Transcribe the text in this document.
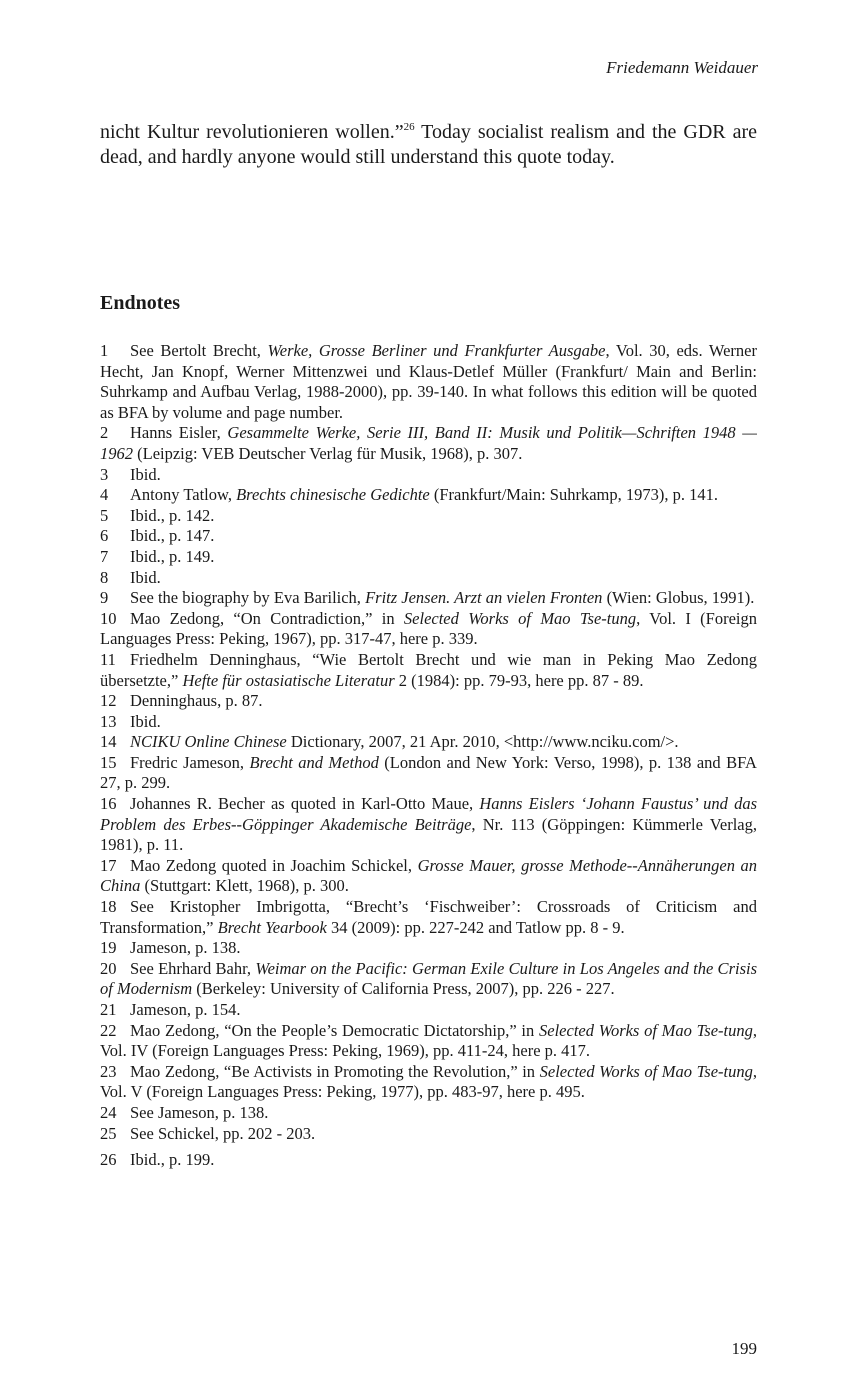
Friedemann Weidauer

nicht Kultur revolutionieren wollen.”$^{26}$ Today socialist realism and the GDR are dead, and hardly anyone would still understand this quote today.

Endnotes
1 See Bertolt Brecht, Werke, Grosse Berliner und Frankfurter Ausgabe, Vol. 30, eds. Werner Hecht, Jan Knopf, Werner Mittenzwei und Klaus-Detlef Müller (Frankfurt/ Main and Berlin: Suhrkamp and Aufbau Verlag, 1988-2000), pp. 39-140. In what follows this edition will be quoted as BFA by volume and page number.
2 Hanns Eisler, Gesammelte Werke, Serie III, Band II: Musik und Politik—Schriften 1948 —1962 (Leipzig: VEB Deutscher Verlag für Musik, 1968), p. 307.
3 Ibid.
4 Antony Tatlow, Brechts chinesische Gedichte (Frankfurt/Main: Suhrkamp, 1973), p. 141.
5 Ibid., p. 142.
6 Ibid., p. 147.
7 Ibid., p. 149.
8 Ibid.
9 See the biography by Eva Barilich, Fritz Jensen. Arzt an vielen Fronten (Wien: Globus, 1991).
10 Mao Zedong, “On Contradiction,” in Selected Works of Mao Tse-tung, Vol. I (Foreign Languages Press: Peking, 1967), pp. 317-47, here p. 339.
11 Friedhelm Denninghaus, “Wie Bertolt Brecht und wie man in Peking Mao Zedong übersetzte,” Hefte für ostasiatische Literatur 2 (1984): pp. 79-93, here pp. 87 - 89.
12 Denninghaus, p. 87.
13 Ibid.
14 NCIKU Online Chinese Dictionary, 2007, 21 Apr. 2010, <http://www.nciku.com/>.
15 Fredric Jameson, Brecht and Method (London and New York: Verso, 1998), p. 138 and BFA 27, p. 299.
16 Johannes R. Becher as quoted in Karl-Otto Maue, Hanns Eislers ‘Johann Faustus’ und das Problem des Erbes--Göppinger Akademische Beiträge, Nr. 113 (Göppingen: Kümmerle Verlag, 1981), p. 11.
17 Mao Zedong quoted in Joachim Schickel, Grosse Mauer, grosse Methode--Annäherungen an China (Stuttgart: Klett, 1968), p. 300.
18 See Kristopher Imbrigotta, “Brecht’s ‘Fischweiber’: Crossroads of Criticism and Transformation,” Brecht Yearbook 34 (2009): pp. 227-242 and Tatlow pp. 8 - 9.
19 Jameson, p. 138.
20 See Ehrhard Bahr, Weimar on the Pacific: German Exile Culture in Los Angeles and the Crisis of Modernism (Berkeley: University of California Press, 2007), pp. 226 - 227.
21 Jameson, p. 154.
22 Mao Zedong, “On the People’s Democratic Dictatorship,” in Selected Works of Mao Tse-tung, Vol. IV (Foreign Languages Press: Peking, 1969), pp. 411-24, here p. 417.
23 Mao Zedong, “Be Activists in Promoting the Revolution,” in Selected Works of Mao Tse-tung, Vol. V (Foreign Languages Press: Peking, 1977), pp. 483-97, here p. 495.
24 See Jameson, p. 138.
25 See Schickel, pp. 202 - 203.
26 Ibid., p. 199.
199
